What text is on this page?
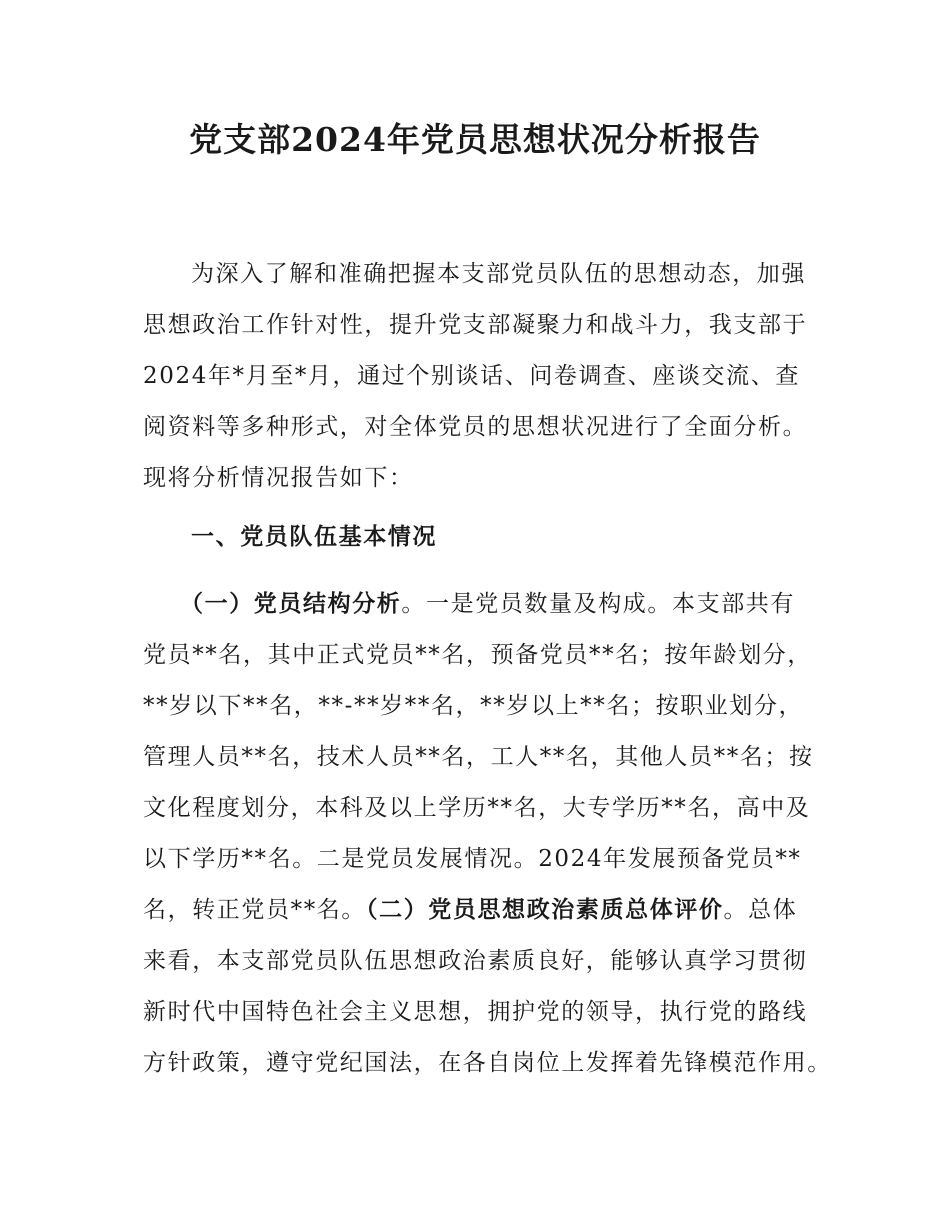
党支部2024年党员思想状况分析报告
为深入了解和准确把握本支部党员队伍的思想动态，加强
思想政治工作针对性，提升党支部凝聚力和战斗力，我支部于
2024年*月至*月，通过个别谈话、问卷调查、座谈交流、查
阅资料等多种形式，对全体党员的思想状况进行了全面分析。
现将分析情况报告如下：
一、党员队伍基本情况
（一）党员结构分析。一是党员数量及构成。本支部共有
党员**名，其中正式党员**名，预备党员**名；按年龄划分，
**岁以下**名，**-**岁**名，**岁以上**名；按职业划分，
管理人员**名，技术人员**名，工人**名，其他人员**名；按
文化程度划分，本科及以上学历**名，大专学历**名，高中及
以下学历**名。二是党员发展情况。2024年发展预备党员**
名，转正党员**名。（二）党员思想政治素质总体评价。总体
来看，本支部党员队伍思想政治素质良好，能够认真学习贯彻
新时代中国特色社会主义思想，拥护党的领导，执行党的路线
方针政策，遵守党纪国法，在各自岗位上发挥着先锋模范作用。
